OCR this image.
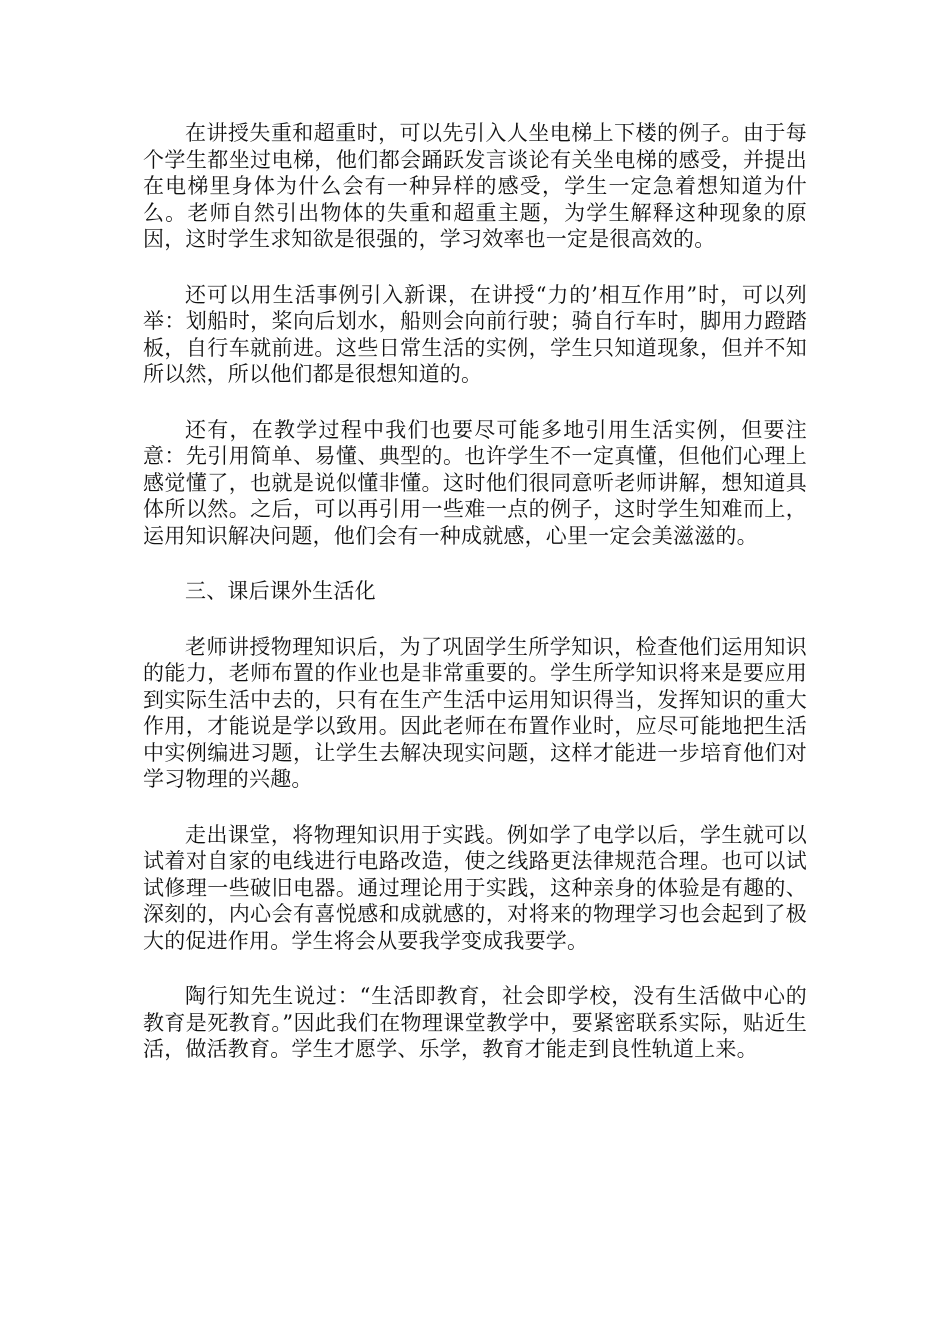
在讲授失重和超重时，可以先引入人坐电梯上下楼的例子。由于每个学生都坐过电梯，他们都会踊跃发言谈论有关坐电梯的感受，并提出在电梯里身体为什么会有一种异样的感受，学生一定急着想知道为什么。老师自然引出物体的失重和超重主题，为学生解释这种现象的原因，这时学生求知欲是很强的，学习效率也一定是很高效的。

还可以用生活事例引入新课，在讲授“力的’相互作用”时，可以列举：划船时，桨向后划水，船则会向前行驶；骑自行车时，脚用力蹬踏板，自行车就前进。这些日常生活的实例，学生只知道现象，但并不知所以然，所以他们都是很想知道的。

还有，在教学过程中我们也要尽可能多地引用生活实例，但要注意：先引用简单、易懂、典型的。也许学生不一定真懂，但他们心理上感觉懂了，也就是说似懂非懂。这时他们很同意听老师讲解，想知道具体所以然。之后，可以再引用一些难一点的例子，这时学生知难而上，运用知识解决问题，他们会有一种成就感，心里一定会美滋滋的。

三、课后课外生活化

老师讲授物理知识后，为了巩固学生所学知识，检查他们运用知识的能力，老师布置的作业也是非常重要的。学生所学知识将来是要应用到实际生活中去的，只有在生产生活中运用知识得当，发挥知识的重大作用，才能说是学以致用。因此老师在布置作业时，应尽可能地把生活中实例编进习题，让学生去解决现实问题，这样才能进一步培育他们对学习物理的兴趣。

走出课堂，将物理知识用于实践。例如学了电学以后，学生就可以试着对自家的电线进行电路改造，使之线路更法律规范合理。也可以试试修理一些破旧电器。通过理论用于实践，这种亲身的体验是有趣的、深刻的，内心会有喜悦感和成就感的，对将来的物理学习也会起到了极大的促进作用。学生将会从要我学变成我要学。

陶行知先生说过：“生活即教育，社会即学校，没有生活做中心的教育是死教育。”因此我们在物理课堂教学中，要紧密联系实际，贴近生活，做活教育。学生才愿学、乐学，教育才能走到良性轨道上来。
